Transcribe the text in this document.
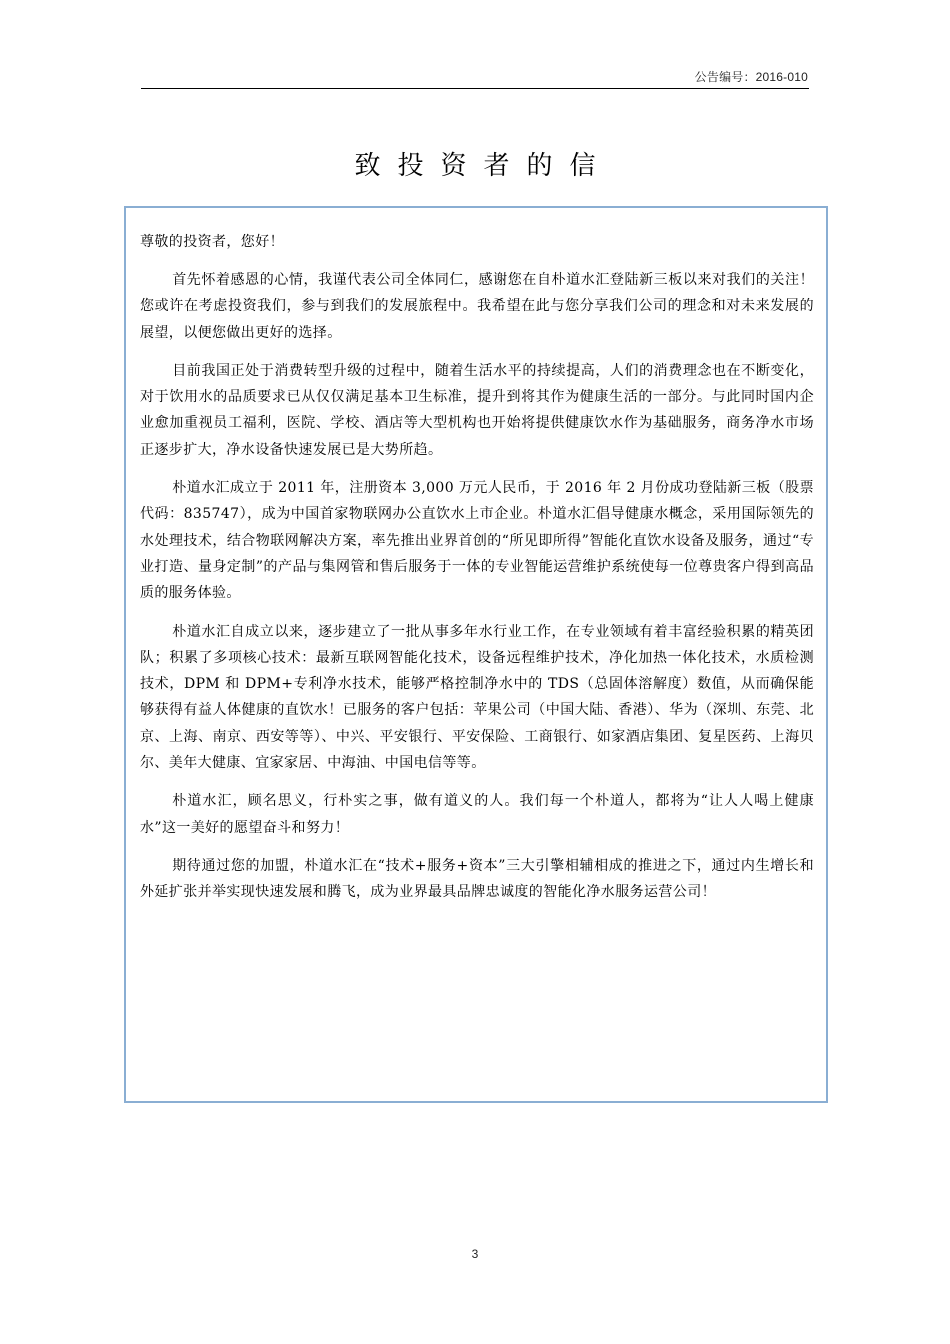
公告编号：2016-010
致投资者的信

尊敬的投资者，您好！

首先怀着感恩的心情，我谨代表公司全体同仁，感谢您在自朴道水汇登陆新三板以来对我们的关注！您或许在考虑投资我们，参与到我们的发展旅程中。我希望在此与您分享我们公司的理念和对未来发展的展望，以便您做出更好的选择。

目前我国正处于消费转型升级的过程中，随着生活水平的持续提高，人们的消费理念也在不断变化，对于饮用水的品质要求已从仅仅满足基本卫生标准，提升到将其作为健康生活的一部分。与此同时国内企业愈加重视员工福利，医院、学校、酒店等大型机构也开始将提供健康饮水作为基础服务，商务净水市场正逐步扩大，净水设备快速发展已是大势所趋。

朴道水汇成立于 2011 年，注册资本 3,000 万元人民币，于 2016 年 2 月份成功登陆新三板（股票代码：835747），成为中国首家物联网办公直饮水上市企业。朴道水汇倡导健康水概念，采用国际领先的水处理技术，结合物联网解决方案，率先推出业界首创的“所见即所得”智能化直饮水设备及服务，通过“专业打造、量身定制”的产品与集网管和售后服务于一体的专业智能运营维护系统使每一位尊贵客户得到高品质的服务体验。

朴道水汇自成立以来，逐步建立了一批从事多年水行业工作，在专业领域有着丰富经验积累的精英团队；积累了多项核心技术：最新互联网智能化技术，设备远程维护技术，净化加热一体化技术，水质检测技术，DPM 和 DPM+专利净水技术，能够严格控制净水中的 TDS（总固体溶解度）数值，从而确保能够获得有益人体健康的直饮水！已服务的客户包括：苹果公司（中国大陆、香港）、华为（深圳、东莞、北京、上海、南京、西安等等）、中兴、平安银行、平安保险、工商银行、如家酒店集团、复星医药、上海贝尔、美年大健康、宜家家居、中海油、中国电信等等。

朴道水汇，顾名思义，行朴实之事，做有道义的人。我们每一个朴道人，都将为“让人人喝上健康水”这一美好的愿望奋斗和努力！

期待通过您的加盟，朴道水汇在“技术+服务+资本”三大引擎相辅相成的推进之下，通过内生增长和外延扩张并举实现快速发展和腾飞，成为业界最具品牌忠诚度的智能化净水服务运营公司！

3
